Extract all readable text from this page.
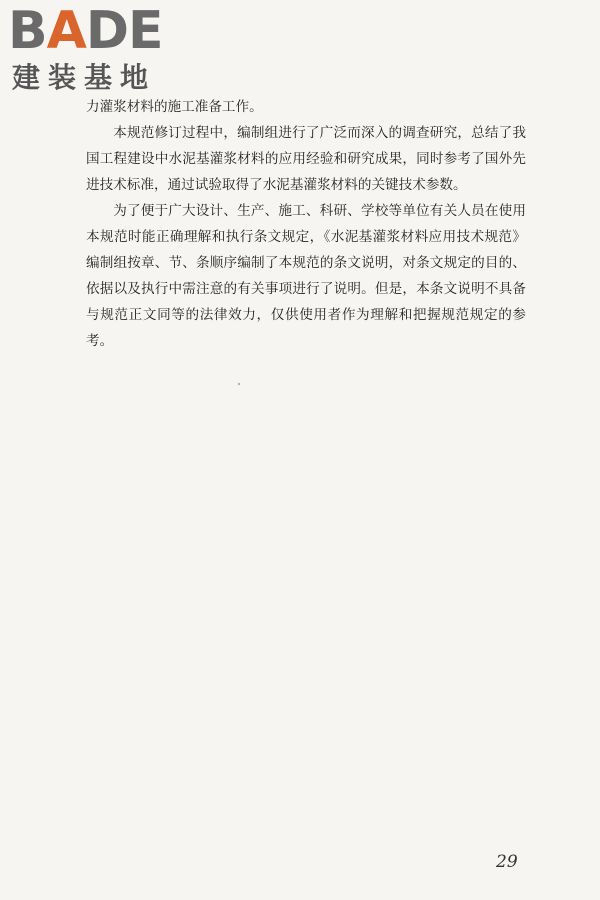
BADE
建装基地

力灌浆材料的施工准备工作。

本规范修订过程中，编制组进行了广泛而深入的调查研究，总结了我国工程建设中水泥基灌浆材料的应用经验和研究成果，同时参考了国外先进技术标准，通过试验取得了水泥基灌浆材料的关键技术参数。

为了便于广大设计、生产、施工、科研、学校等单位有关人员在使用本规范时能正确理解和执行条文规定，《水泥基灌浆材料应用技术规范》编制组按章、节、条顺序编制了本规范的条文说明，对条文规定的目的、依据以及执行中需注意的有关事项进行了说明。但是，本条文说明不具备与规范正文同等的法律效力，仅供使用者作为理解和把握规范规定的参考。

29
